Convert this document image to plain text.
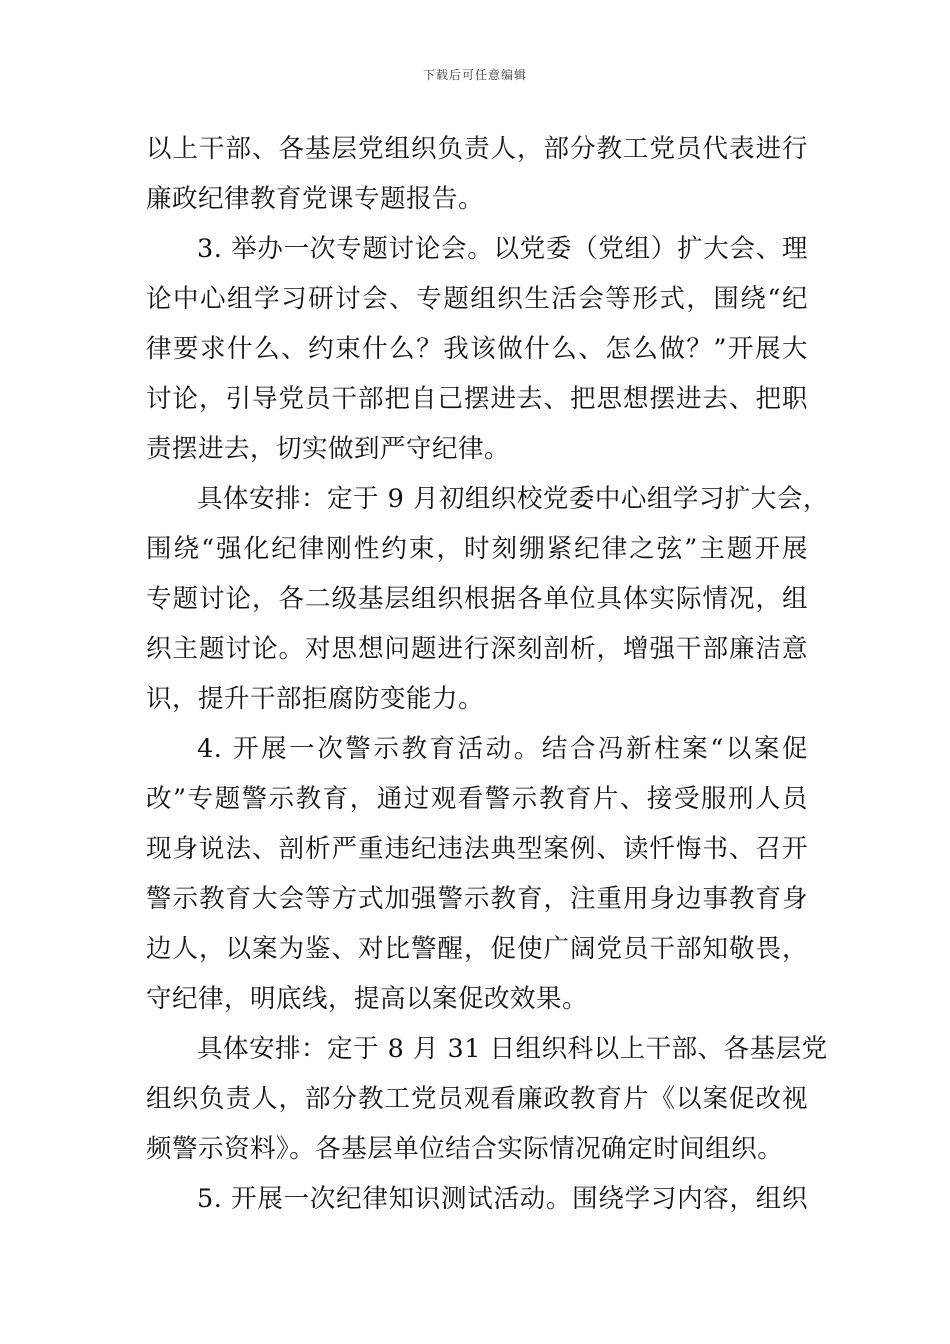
下载后可任意编辑
以上干部、各基层党组织负责人，部分教工党员代表进行
廉政纪律教育党课专题报告。
3. 举办一次专题讨论会。以党委（党组）扩大会、理
论中心组学习研讨会、专题组织生活会等形式，围绕“纪
律要求什么、约束什么？我该做什么、怎么做？”开展大
讨论，引导党员干部把自己摆进去、把思想摆进去、把职
责摆进去，切实做到严守纪律。
具体安排：定于 9 月初组织校党委中心组学习扩大会，
围绕“强化纪律刚性约束，时刻绷紧纪律之弦”主题开展
专题讨论，各二级基层组织根据各单位具体实际情况，组
织主题讨论。对思想问题进行深刻剖析，增强干部廉洁意
识，提升干部拒腐防变能力。
4. 开展一次警示教育活动。结合冯新柱案“以案促
改”专题警示教育，通过观看警示教育片、接受服刑人员
现身说法、剖析严重违纪违法典型案例、读忏悔书、召开
警示教育大会等方式加强警示教育，注重用身边事教育身
边人，以案为鉴、对比警醒，促使广阔党员干部知敬畏，
守纪律，明底线，提高以案促改效果。
具体安排：定于 8 月 31 日组织科以上干部、各基层党
组织负责人，部分教工党员观看廉政教育片《以案促改视
频警示资料》。各基层单位结合实际情况确定时间组织。
5. 开展一次纪律知识测试活动。围绕学习内容，组织
